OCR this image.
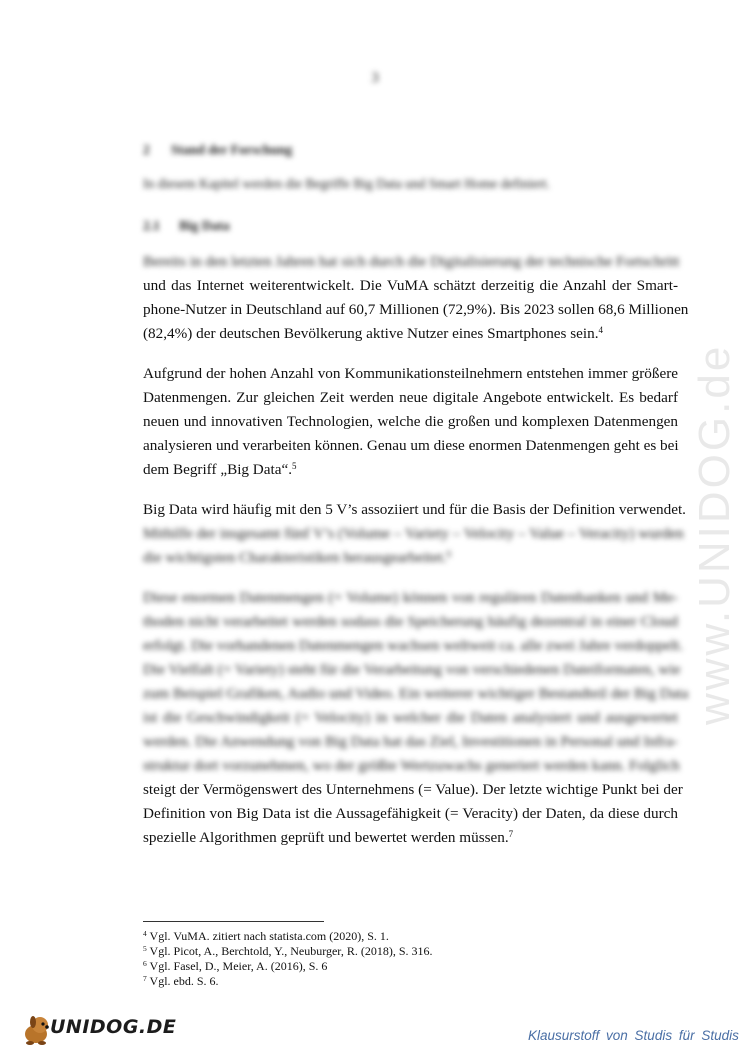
3
2 Stand der Forschung
In diesem Kapitel werden die Begriffe Big Data und Smart Home definiert.
2.1 Big Data
Bereits in den letzten Jahren hat sich durch die Digitalisierung der technische Fortschritt
und das Internet weiterentwickelt. Die VuMA schätzt derzeitig die Anzahl der Smart-
phone-Nutzer in Deutschland auf 60,7 Millionen (72,9%). Bis 2023 sollen 68,6 Millionen
(82,4%) der deutschen Bevölkerung aktive Nutzer eines Smartphones sein.$^4$
Aufgrund der hohen Anzahl von Kommunikationsteilnehmern entstehen immer größere
Datenmengen. Zur gleichen Zeit werden neue digitale Angebote entwickelt. Es bedarf
neuen und innovativen Technologien, welche die großen und komplexen Datenmengen
analysieren und verarbeiten können. Genau um diese enormen Datenmengen geht es bei
dem Begriff „Big Data“.$^5$
Big Data wird häufig mit den 5 V’s assoziiert und für die Basis der Definition verwendet.
Mithilfe der insgesamt fünf V’s (Volume – Variety – Velocity – Value – Veracity) wurden
die wichtigsten Charakteristiken herausgearbeitet.$^6$
Diese enormen Datenmengen (= Volume) können von regulären Datenbanken und Me-
thoden nicht verarbeitet werden sodass die Speicherung häufig dezentral in einer Cloud
erfolgt. Die vorhandenen Datenmengen wachsen weltweit ca. alle zwei Jahre verdoppelt.
Die Vielfalt (= Variety) steht für die Verarbeitung von verschiedenen Dateiformaten, wie
zum Beispiel Grafiken, Audio und Video. Ein weiterer wichtiger Bestandteil der Big Data
ist die Geschwindigkeit (= Velocity) in welcher die Daten analysiert und ausgewertet
werden. Die Anwendung von Big Data hat das Ziel, Investitionen in Personal und Infra-
struktur dort vorzunehmen, wo der größte Wertzuwachs generiert werden kann. Folglich
steigt der Vermögenswert des Unternehmens (= Value). Der letzte wichtige Punkt bei der
Definition von Big Data ist die Aussagefähigkeit (= Veracity) der Daten, da diese durch
spezielle Algorithmen geprüft und bewertet werden müssen.$^7$
$^4$ Vgl. VuMA. zitiert nach statista.com (2020), S. 1.
$^5$ Vgl. Picot, A., Berchtold, Y., Neuburger, R. (2018), S. 316.
$^6$ Vgl. Fasel, D., Meier, A. (2016), S. 6
$^7$ Vgl. ebd. S. 6.
www.UNIDOG.de
UNIDOG.DE	Klausurstoff von Studis für Studis
